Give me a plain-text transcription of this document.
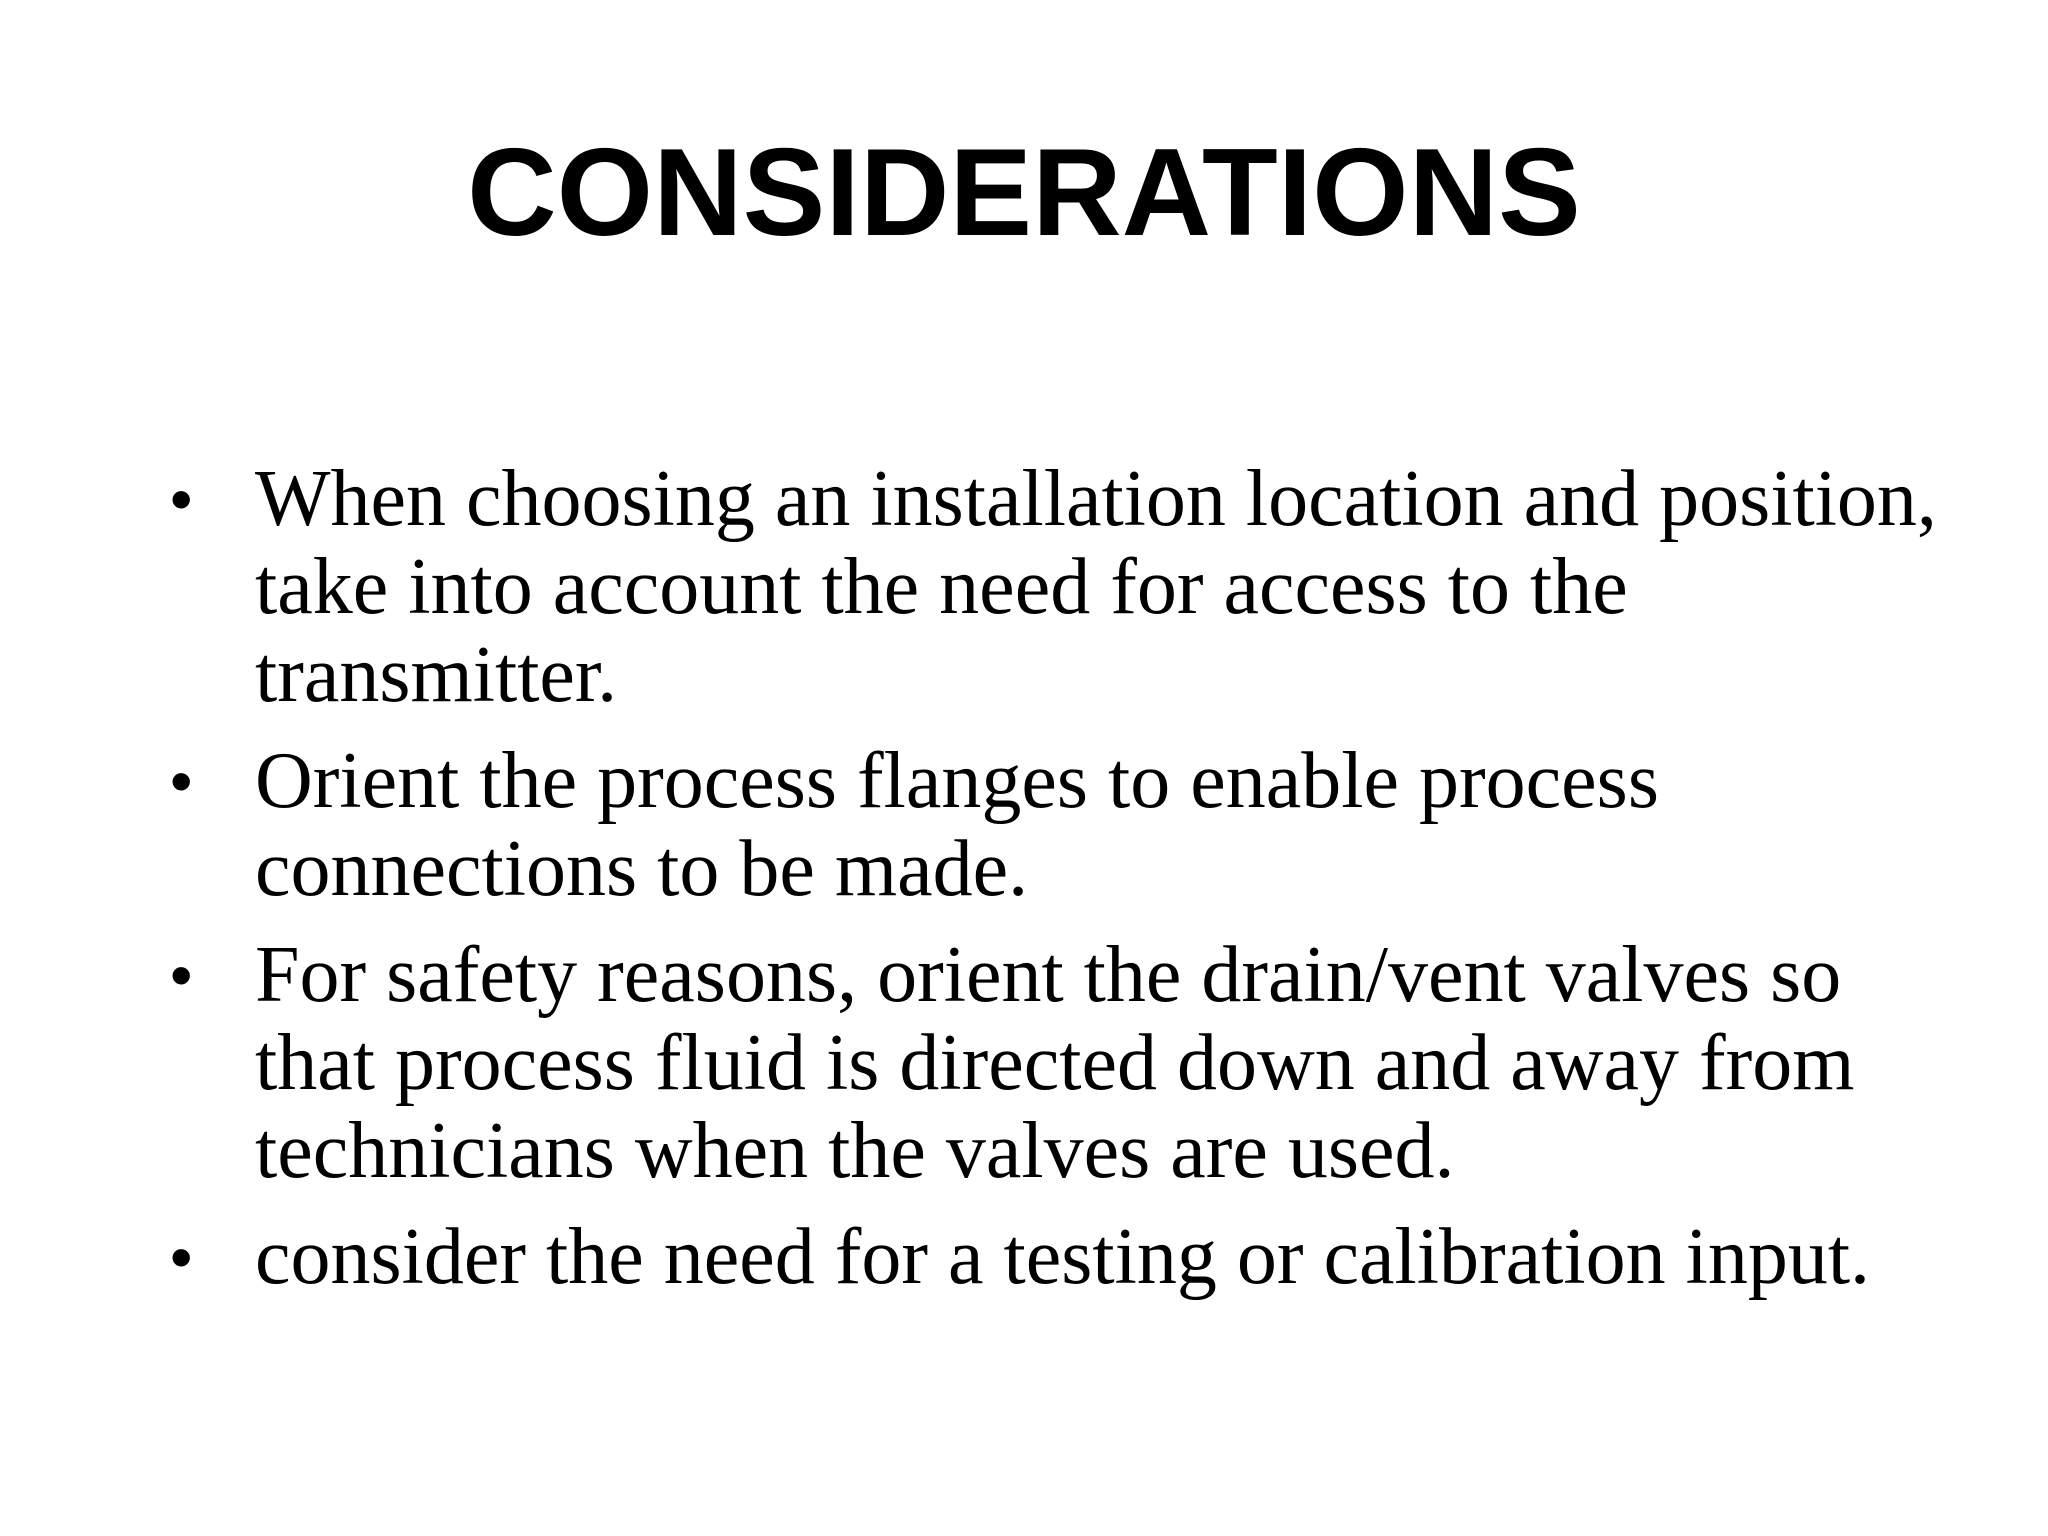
CONSIDERATIONS
• When choosing an installation location and position, take into account the need for access to the transmitter.
• Orient the process flanges to enable process connections to be made.
• For safety reasons, orient the drain/vent valves so that process fluid is directed down and away from technicians when the valves are used.
• consider the need for a testing or calibration input.
